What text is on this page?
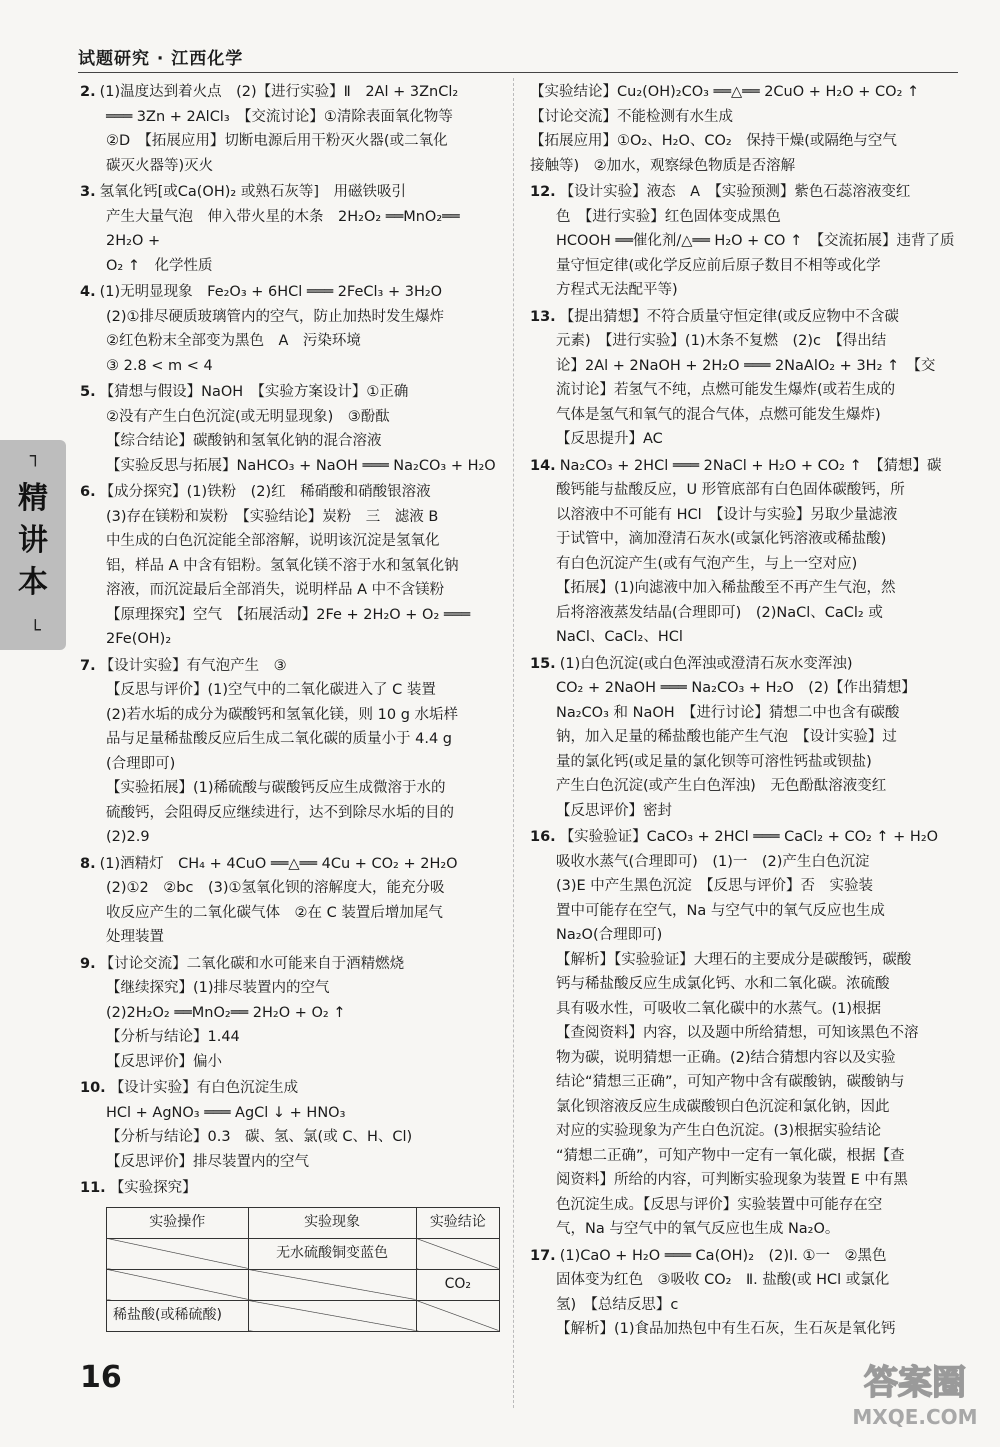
试题研究 · 江西化学
┐
精讲本
└
2. (1)温度达到着火点　(2)【进行实验】Ⅱ　2Al + 3ZnCl₂
═══ 3Zn + 2AlCl₃　【交流讨论】①清除表面氧化物等
②D　【拓展应用】切断电源后用干粉灭火器(或二氧化
碳灭火器等)灭火
3. 氢氧化钙[或Ca(OH)₂ 或熟石灰等]　用磁铁吸引
产生大量气泡　伸入带火星的木条　2H₂O₂ ══MnO₂══ 2H₂O +
O₂ ↑　化学性质
4. (1)无明显现象　Fe₂O₃ + 6HCl ═══ 2FeCl₃ + 3H₂O
(2)①排尽硬质玻璃管内的空气，防止加热时发生爆炸
②红色粉末全部变为黑色　A　污染环境
③ 2.8 < m < 4
5. 【猜想与假设】NaOH　【实验方案设计】①正确
②没有产生白色沉淀(或无明显现象)　③酚酞
【综合结论】碳酸钠和氢氧化钠的混合溶液
【实验反思与拓展】NaHCO₃ + NaOH ═══ Na₂CO₃ + H₂O
6. 【成分探究】(1)铁粉　(2)红　稀硝酸和硝酸银溶液
(3)存在镁粉和炭粉　【实验结论】炭粉　三　滤液 B
中生成的白色沉淀能全部溶解，说明该沉淀是氢氧化
铝，样品 A 中含有铝粉。氢氧化镁不溶于水和氢氧化钠
溶液，而沉淀最后全部消失，说明样品 A 中不含镁粉
【原理探究】空气　【拓展活动】2Fe + 2H₂O + O₂ ═══
2Fe(OH)₂
7. 【设计实验】有气泡产生　③
【反思与评价】(1)空气中的二氧化碳进入了 C 装置
(2)若水垢的成分为碳酸钙和氢氧化镁，则 10 g 水垢样
品与足量稀盐酸反应后生成二氧化碳的质量小于 4.4 g
(合理即可)
【实验拓展】(1)稀硫酸与碳酸钙反应生成微溶于水的
硫酸钙，会阻碍反应继续进行，达不到除尽水垢的目的
(2)2.9
8. (1)酒精灯　CH₄ + 4CuO ══△══ 4Cu + CO₂ + 2H₂O
(2)①2　②bc　(3)①氢氧化钡的溶解度大，能充分吸
收反应产生的二氧化碳气体　②在 C 装置后增加尾气
处理装置
9. 【讨论交流】二氧化碳和水可能来自于酒精燃烧
【继续探究】(1)排尽装置内的空气
(2)2H₂O₂ ══MnO₂══ 2H₂O + O₂ ↑
【分析与结论】1.44
【反思评价】偏小
10. 【设计实验】有白色沉淀生成
HCl + AgNO₃ ═══ AgCl ↓ + HNO₃
【分析与结论】0.3　碳、氢、氯(或 C、H、Cl)
【反思评价】排尽装置内的空气
11. 【实验探究】
实验操作	实验现象	实验结论
	无水硫酸铜变蓝色	
		CO₂
稀盐酸(或稀硫酸)		
【实验结论】Cu₂(OH)₂CO₃ ══△══ 2CuO + H₂O + CO₂ ↑
【讨论交流】不能检测有水生成
【拓展应用】①O₂、H₂O、CO₂　保持干燥(或隔绝与空气
接触等)　②加水，观察绿色物质是否溶解
12. 【设计实验】液态　A　【实验预测】紫色石蕊溶液变红
色　【进行实验】红色固体变成黑色
HCOOH ══催化剂/△══ H₂O + CO ↑　【交流拓展】违背了质
量守恒定律(或化学反应前后原子数目不相等或化学
方程式无法配平等)
13. 【提出猜想】不符合质量守恒定律(或反应物中不含碳
元素)　【进行实验】(1)木条不复燃　(2)c　【得出结
论】2Al + 2NaOH + 2H₂O ═══ 2NaAlO₂ + 3H₂ ↑　【交
流讨论】若氢气不纯，点燃可能发生爆炸(或若生成的
气体是氢气和氧气的混合气体，点燃可能发生爆炸)
【反思提升】AC
14. Na₂CO₃ + 2HCl ═══ 2NaCl + H₂O + CO₂ ↑　【猜想】碳
酸钙能与盐酸反应，U 形管底部有白色固体碳酸钙，所
以溶液中不可能有 HCl　【设计与实验】另取少量滤液
于试管中，滴加澄清石灰水(或氯化钙溶液或稀盐酸)
有白色沉淀产生(或有气泡产生，与上一空对应)
【拓展】(1)向滤液中加入稀盐酸至不再产生气泡，然
后将溶液蒸发结晶(合理即可)　(2)NaCl、CaCl₂ 或
NaCl、CaCl₂、HCl
15. (1)白色沉淀(或白色浑浊或澄清石灰水变浑浊)
CO₂ + 2NaOH ═══ Na₂CO₃ + H₂O　(2)【作出猜想】
Na₂CO₃ 和 NaOH　【进行讨论】猜想二中也含有碳酸
钠，加入足量的稀盐酸也能产生气泡　【设计实验】过
量的氯化钙(或足量的氯化钡等可溶性钙盐或钡盐)
产生白色沉淀(或产生白色浑浊)　无色酚酞溶液变红
【反思评价】密封
16. 【实验验证】CaCO₃ + 2HCl ═══ CaCl₂ + CO₂ ↑ + H₂O
吸收水蒸气(合理即可)　(1)一　(2)产生白色沉淀
(3)E 中产生黑色沉淀　【反思与评价】否　实验装
置中可能存在空气，Na 与空气中的氧气反应也生成
Na₂O(合理即可)
【解析】【实验验证】大理石的主要成分是碳酸钙，碳酸
钙与稀盐酸反应生成氯化钙、水和二氧化碳。浓硫酸
具有吸水性，可吸收二氧化碳中的水蒸气。(1)根据
【查阅资料】内容，以及题中所给猜想，可知该黑色不溶
物为碳，说明猜想一正确。(2)结合猜想内容以及实验
结论“猜想三正确”，可知产物中含有碳酸钠，碳酸钠与
氯化钡溶液反应生成碳酸钡白色沉淀和氯化钠，因此
对应的实验现象为产生白色沉淀。(3)根据实验结论
“猜想二正确”，可知产物中一定有一氧化碳，根据【查
阅资料】所给的内容，可判断实验现象为装置 E 中有黑
色沉淀生成。【反思与评价】实验装置中可能存在空
气，Na 与空气中的氧气反应也生成 Na₂O。
17. (1)CaO + H₂O ═══ Ca(OH)₂　(2)Ⅰ. ①一　②黑色
固体变为红色　③吸收 CO₂　Ⅱ. 盐酸(或 HCl 或氯化
氢)　【总结反思】c
【解析】(1)食品加热包中有生石灰，生石灰是氧化钙
16	答案圈
MXQE.COM
